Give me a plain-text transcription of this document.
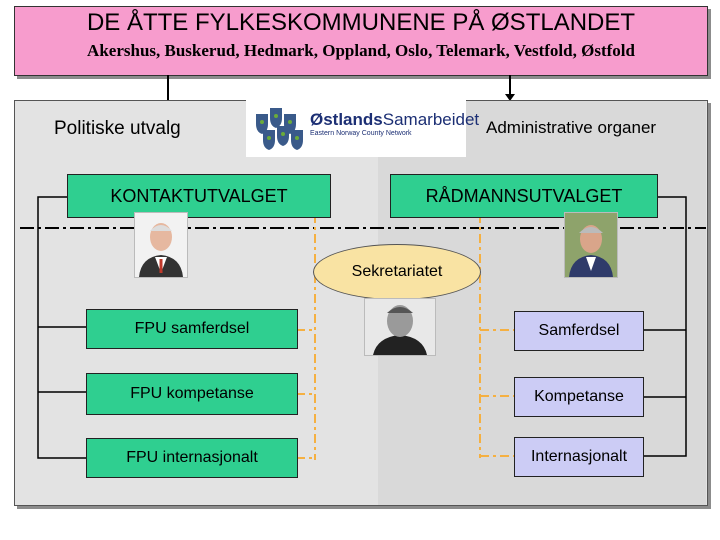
DE ÅTTE FYLKESKOMMUNENE PÅ ØSTLANDET
Akershus, Buskerud, Hedmark, Oppland, Oslo, Telemark, Vestfold, Østfold
ØstlandsSamarbeidet
Eastern Norway County Network
Politiske utvalg	Administrative organer
KONTAKTUTVALGET	RÅDMANNSUTVALGET
Sekretariatet
FPU samferdsel
FPU kompetanse
FPU internasjonalt
Samferdsel
Kompetanse
Internasjonalt
